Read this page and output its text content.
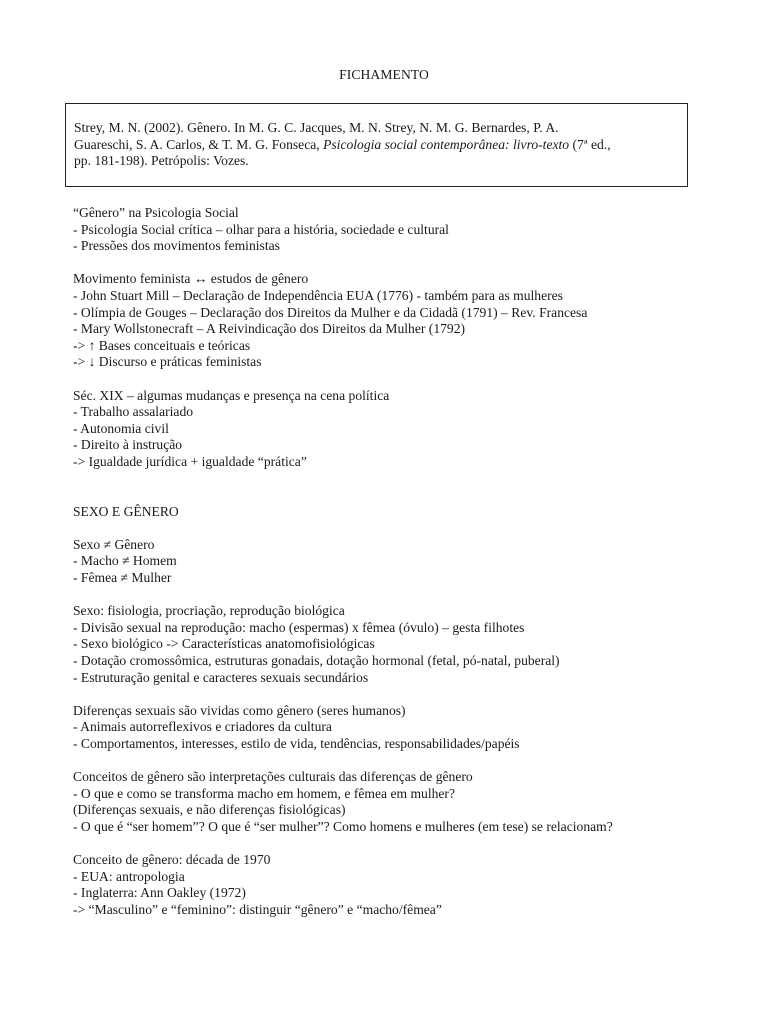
FICHAMENTO
Strey, M. N. (2002). Gênero. In M. G. C. Jacques, M. N. Strey, N. M. G. Bernardes, P. A.
Guareschi, S. A. Carlos, & T. M. G. Fonseca, Psicologia social contemporânea: livro-texto (7ª ed.,
pp. 181-198). Petrópolis: Vozes.
“Gênero” na Psicologia Social
- Psicologia Social crítica – olhar para a história, sociedade e cultural
- Pressões dos movimentos feministas
Movimento feminista ↔ estudos de gênero
- John Stuart Mill – Declaração de Independência EUA (1776) - também para as mulheres
- Olímpia de Gouges – Declaração dos Direitos da Mulher e da Cidadã (1791) – Rev. Francesa
- Mary Wollstonecraft – A Reivindicação dos Direitos da Mulher (1792)
-> ↑ Bases conceituais e teóricas
-> ↓ Discurso e práticas feministas
Séc. XIX – algumas mudanças e presença na cena política
- Trabalho assalariado
- Autonomia civil
- Direito à instrução
-> Igualdade jurídica + igualdade “prática”
SEXO E GÊNERO
Sexo ≠ Gênero
- Macho ≠ Homem
- Fêmea ≠ Mulher
Sexo: fisiologia, procriação, reprodução biológica
- Divisão sexual na reprodução: macho (espermas) x fêmea (óvulo) – gesta filhotes
- Sexo biológico -> Características anatomofisiológicas
- Dotação cromossômica, estruturas gonadais, dotação hormonal (fetal, pó-natal, puberal)
- Estruturação genital e caracteres sexuais secundários
Diferenças sexuais são vividas como gênero (seres humanos)
- Animais autorreflexivos e criadores da cultura
- Comportamentos, interesses, estilo de vida, tendências, responsabilidades/papéis
Conceitos de gênero são interpretações culturais das diferenças de gênero
- O que e como se transforma macho em homem, e fêmea em mulher?
(Diferenças sexuais, e não diferenças fisiológicas)
- O que é “ser homem”? O que é “ser mulher”? Como homens e mulheres (em tese) se relacionam?
Conceito de gênero: década de 1970
- EUA: antropologia
- Inglaterra: Ann Oakley (1972)
-> “Masculino” e “feminino”: distinguir “gênero” e “macho/fêmea”
